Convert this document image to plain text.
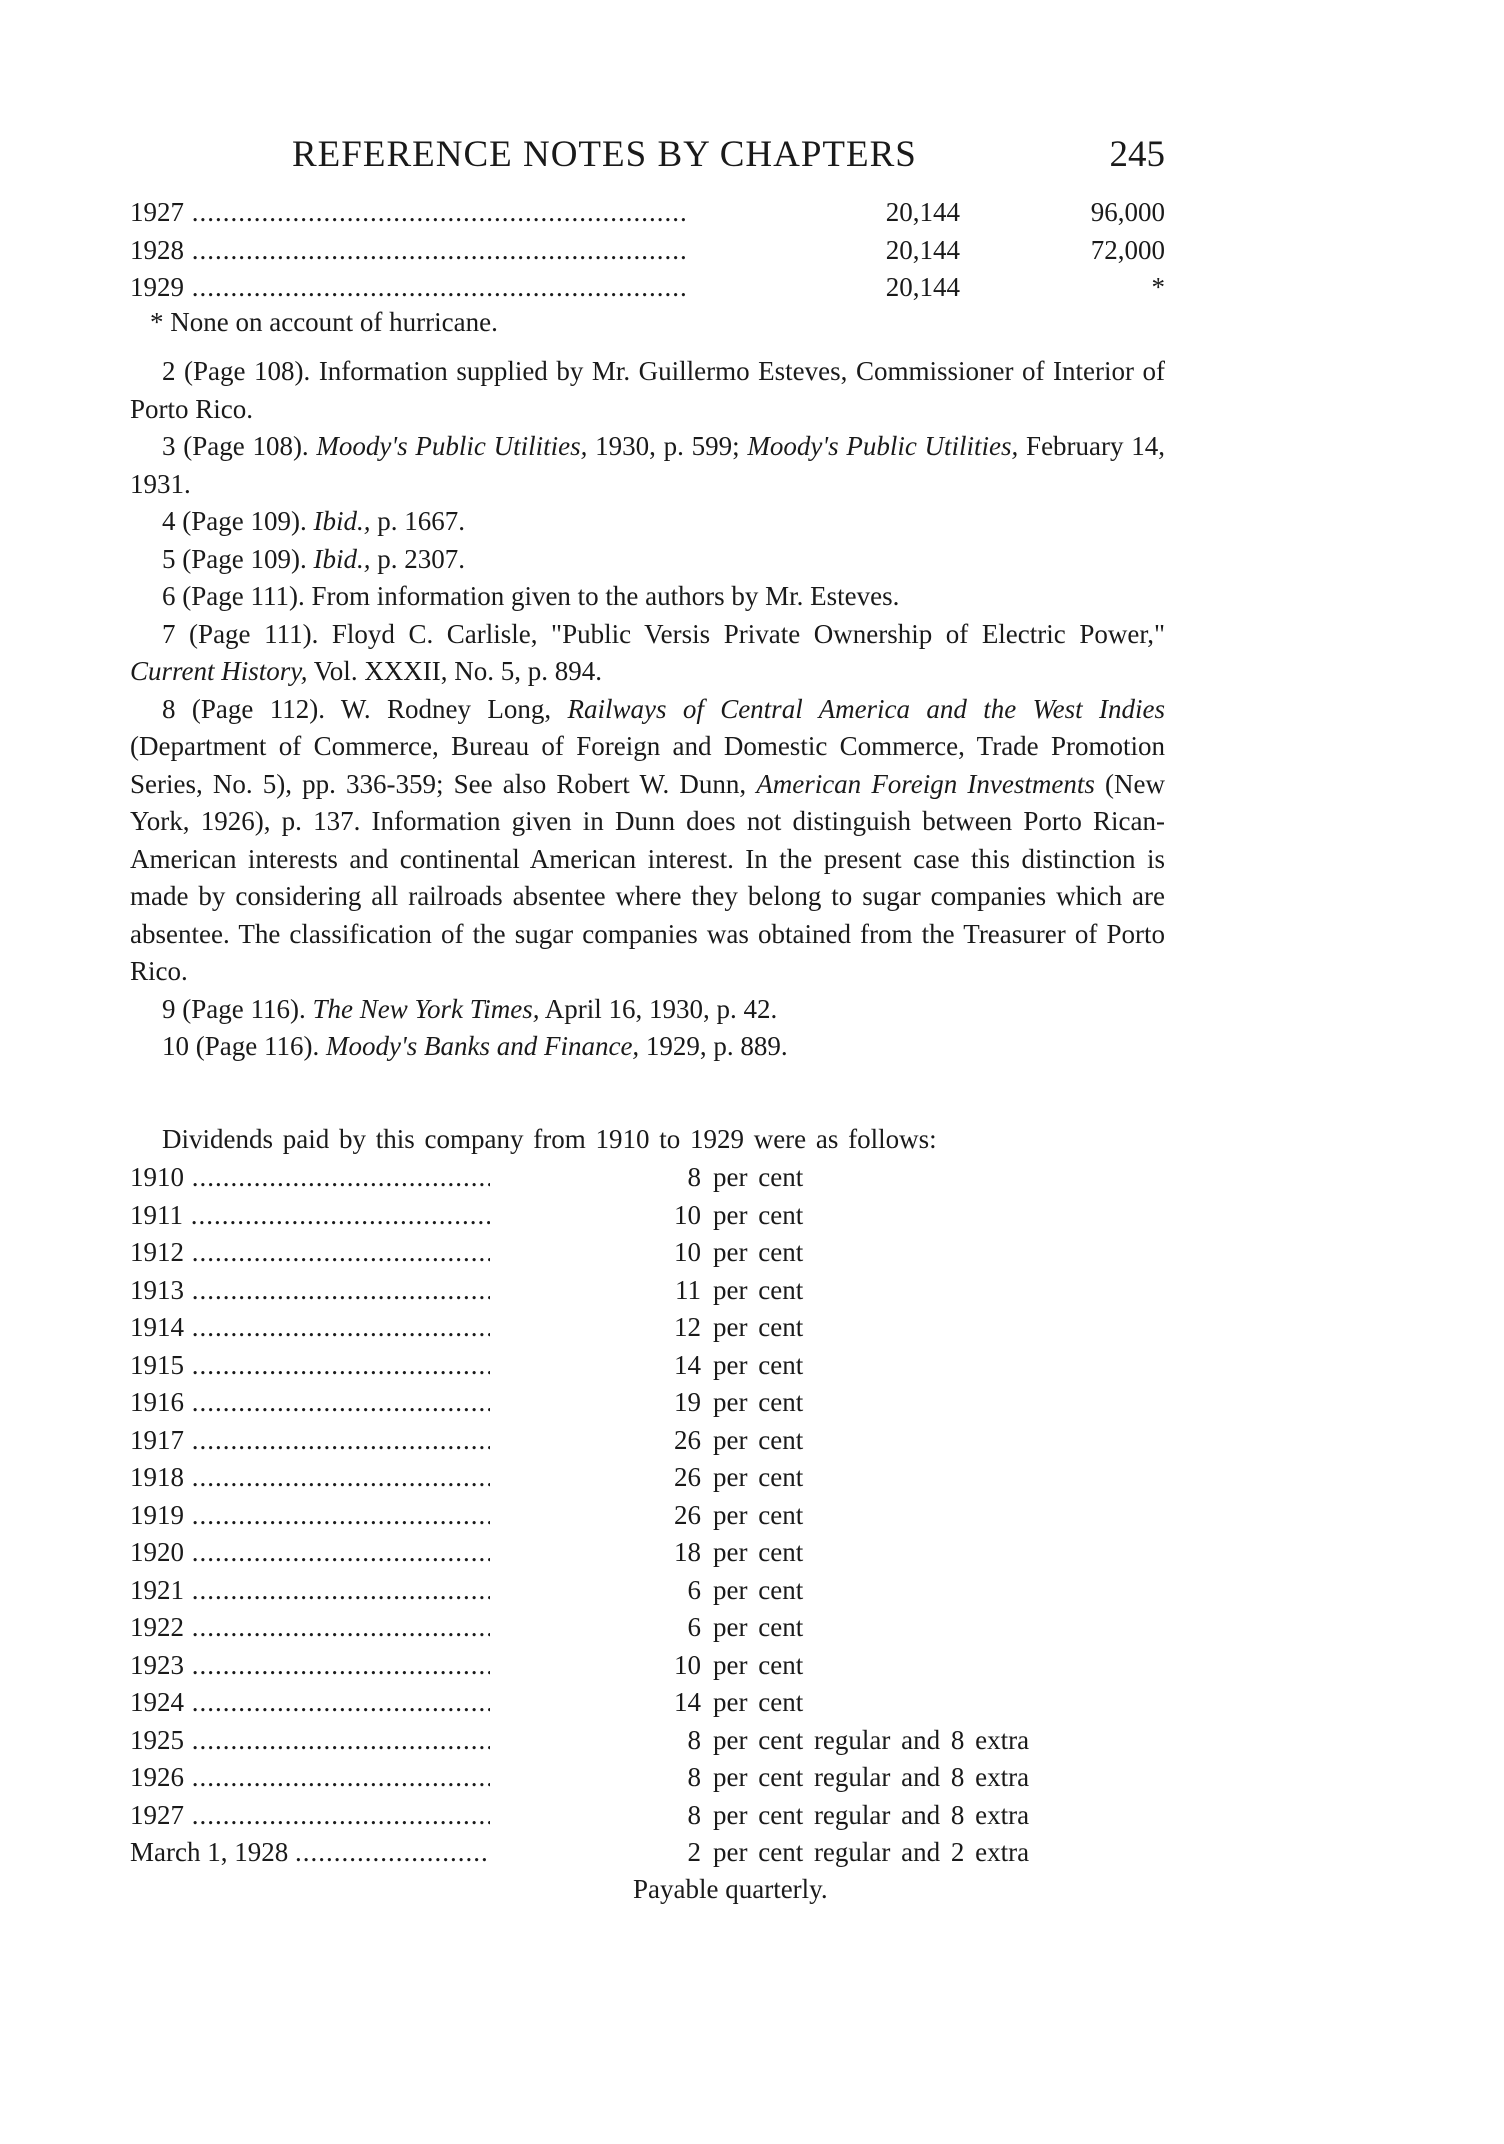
REFERENCE NOTES BY CHAPTERS	245
1927 .....	20,144	96,000
1928 .....	20,144	72,000
1929 .....	20,144	*
* None on account of hurricane.

2 (Page 108). Information supplied by Mr. Guillermo Esteves, Commissioner of Interior of Porto Rico.

3 (Page 108). Moody's Public Utilities, 1930, p. 599; Moody's Public Utilities, February 14, 1931.

4 (Page 109). Ibid., p. 1667.

5 (Page 109). Ibid., p. 2307.

6 (Page 111). From information given to the authors by Mr. Esteves.

7 (Page 111). Floyd C. Carlisle, "Public Versis Private Ownership of Electric Power," Current History, Vol. XXXII, No. 5, p. 894.

8 (Page 112). W. Rodney Long, Railways of Central America and the West Indies (Department of Commerce, Bureau of Foreign and Domestic Commerce, Trade Promotion Series, No. 5), pp. 336-359; See also Robert W. Dunn, American Foreign Investments (New York, 1926), p. 137. Information given in Dunn does not distinguish between Porto Rican-American interests and continental American interest. In the present case this distinction is made by considering all railroads absentee where they belong to sugar companies which are absentee. The classification of the sugar companies was obtained from the Treasurer of Porto Rico.

9 (Page 116). The New York Times, April 16, 1930, p. 42.

10 (Page 116). Moody's Banks and Finance, 1929, p. 889.

Dividends paid by this company from 1910 to 1929 were as follows:
1910 .....	8 per cent
1911 .....	10 per cent
1912 .....	10 per cent
1913 .....	11 per cent
1914 .....	12 per cent
1915 .....	14 per cent
1916 .....	19 per cent
1917 .....	26 per cent
1918 .....	26 per cent
1919 .....	26 per cent
1920 .....	18 per cent
1921 .....	6 per cent
1922 .....	6 per cent
1923 .....	10 per cent
1924 .....	14 per cent
1925 .....	8 per cent regular and 8 extra
1926 .....	8 per cent regular and 8 extra
1927 .....	8 per cent regular and 8 extra
March 1, 1928 .....	2 per cent regular and 2 extra
Payable quarterly.
